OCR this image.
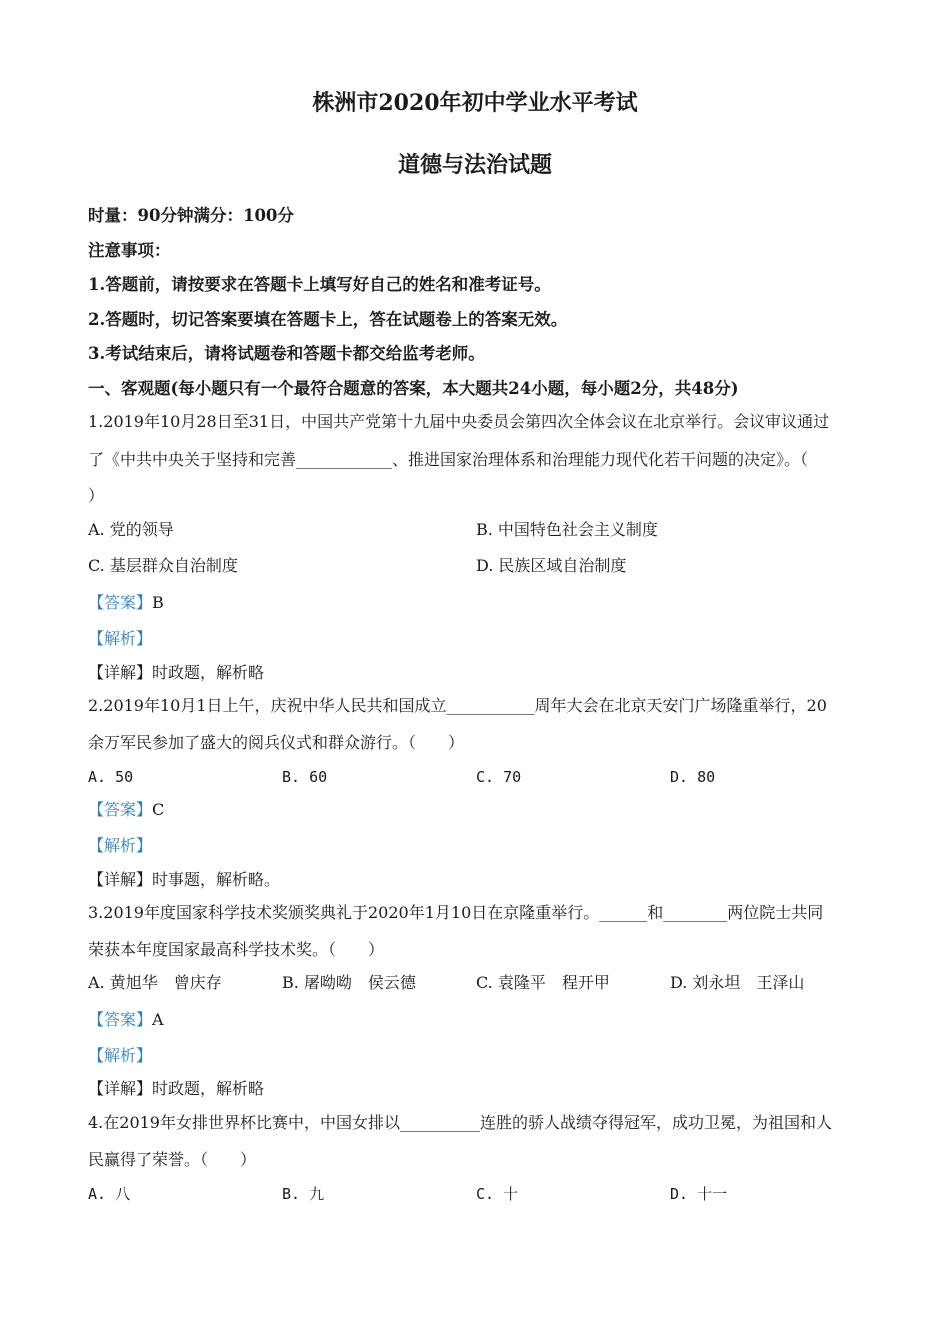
株洲市2020年初中学业水平考试
道德与法治试题
时量：90分钟满分：100分
注意事项：
1.答题前，请按要求在答题卡上填写好自己的姓名和准考证号。
2.答题时，切记答案要填在答题卡上，答在试题卷上的答案无效。
3.考试结束后，请将试题卷和答题卡都交给监考老师。
一、客观题(每小题只有一个最符合题意的答案，本大题共24小题，每小题2分，共48分)
1.2019年10月28日至31日，中国共产党第十九届中央委员会第四次全体会议在北京举行。会议审议通过
了《中共中央关于坚持和完善____________、推进国家治理体系和治理能力现代化若干问题的决定》。（
）
A. 党的领导	B. 中国特色社会主义制度
C. 基层群众自治制度	D. 民族区域自治制度
【答案】B
【解析】
【详解】时政题，解析略
2.2019年10月1日上午，庆祝中华人民共和国成立___________周年大会在北京天安门广场隆重举行，20
余万军民参加了盛大的阅兵仪式和群众游行。（　　）
A. 50	B. 60	C. 70	D. 80
【答案】C
【解析】
【详解】时事题，解析略。
3.2019年度国家科学技术奖颁奖典礼于2020年1月10日在京隆重举行。______和________两位院士共同
荣获本年度国家最高科学技术奖。（　　）
A. 黄旭华　曾庆存	B. 屠呦呦　侯云德	C. 袁隆平　程开甲	D. 刘永坦　王泽山
【答案】A
【解析】
【详解】时政题，解析略
4.在2019年女排世界杯比赛中，中国女排以__________连胜的骄人战绩夺得冠军，成功卫冕，为祖国和人
民赢得了荣誉。（　　）
A. 八	B. 九	C. 十	D. 十一
